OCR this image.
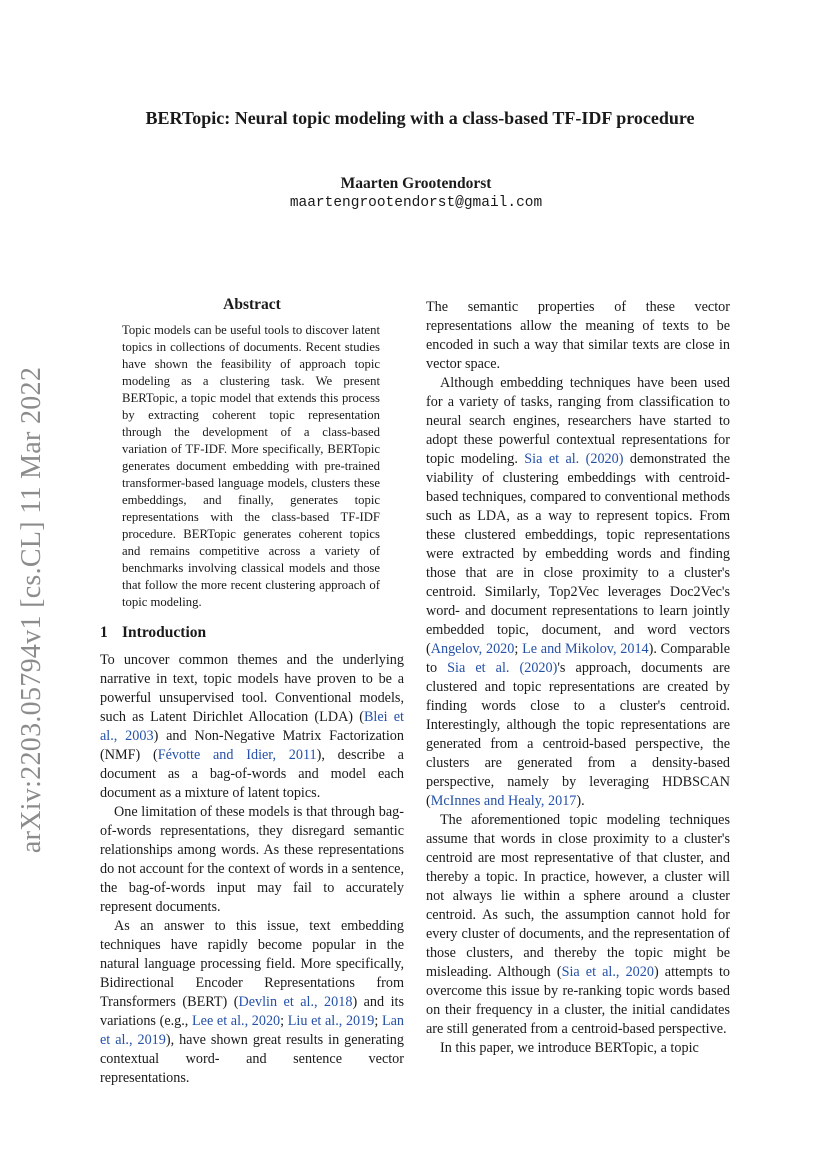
arXiv:2203.05794v1 [cs.CL] 11 Mar 2022
BERTopic: Neural topic modeling with a class-based TF-IDF procedure
Maarten Grootendorst
maartengrootendorst@gmail.com
Abstract
Topic models can be useful tools to discover latent topics in collections of documents. Recent studies have shown the feasibility of approach topic modeling as a clustering task. We present BERTopic, a topic model that extends this process by extracting coherent topic representation through the development of a class-based variation of TF-IDF. More specifically, BERTopic generates document embedding with pre-trained transformer-based language models, clusters these embeddings, and finally, generates topic representations with the class-based TF-IDF procedure. BERTopic generates coherent topics and remains competitive across a variety of benchmarks involving classical models and those that follow the more recent clustering approach of topic modeling.
1 Introduction

To uncover common themes and the underlying narrative in text, topic models have proven to be a powerful unsupervised tool. Conventional models, such as Latent Dirichlet Allocation (LDA) (Blei et al., 2003) and Non-Negative Matrix Factorization (NMF) (Févotte and Idier, 2011), describe a document as a bag-of-words and model each document as a mixture of latent topics.

One limitation of these models is that through bag-of-words representations, they disregard semantic relationships among words. As these representations do not account for the context of words in a sentence, the bag-of-words input may fail to accurately represent documents.

As an answer to this issue, text embedding techniques have rapidly become popular in the natural language processing field. More specifically, Bidirectional Encoder Representations from Transformers (BERT) (Devlin et al., 2018) and its variations (e.g., Lee et al., 2020; Liu et al., 2019; Lan et al., 2019), have shown great results in generating contextual word- and sentence vector representations.

The semantic properties of these vector representations allow the meaning of texts to be encoded in such a way that similar texts are close in vector space.

Although embedding techniques have been used for a variety of tasks, ranging from classification to neural search engines, researchers have started to adopt these powerful contextual representations for topic modeling. Sia et al. (2020) demonstrated the viability of clustering embeddings with centroid-based techniques, compared to conventional methods such as LDA, as a way to represent topics. From these clustered embeddings, topic representations were extracted by embedding words and finding those that are in close proximity to a cluster's centroid. Similarly, Top2Vec leverages Doc2Vec's word- and document representations to learn jointly embedded topic, document, and word vectors (Angelov, 2020; Le and Mikolov, 2014). Comparable to Sia et al. (2020)'s approach, documents are clustered and topic representations are created by finding words close to a cluster's centroid. Interestingly, although the topic representations are generated from a centroid-based perspective, the clusters are generated from a density-based perspective, namely by leveraging HDBSCAN (McInnes and Healy, 2017).

The aforementioned topic modeling techniques assume that words in close proximity to a cluster's centroid are most representative of that cluster, and thereby a topic. In practice, however, a cluster will not always lie within a sphere around a cluster centroid. As such, the assumption cannot hold for every cluster of documents, and the representation of those clusters, and thereby the topic might be misleading. Although (Sia et al., 2020) attempts to overcome this issue by re-ranking topic words based on their frequency in a cluster, the initial candidates are still generated from a centroid-based perspective.

In this paper, we introduce BERTopic, a topic
